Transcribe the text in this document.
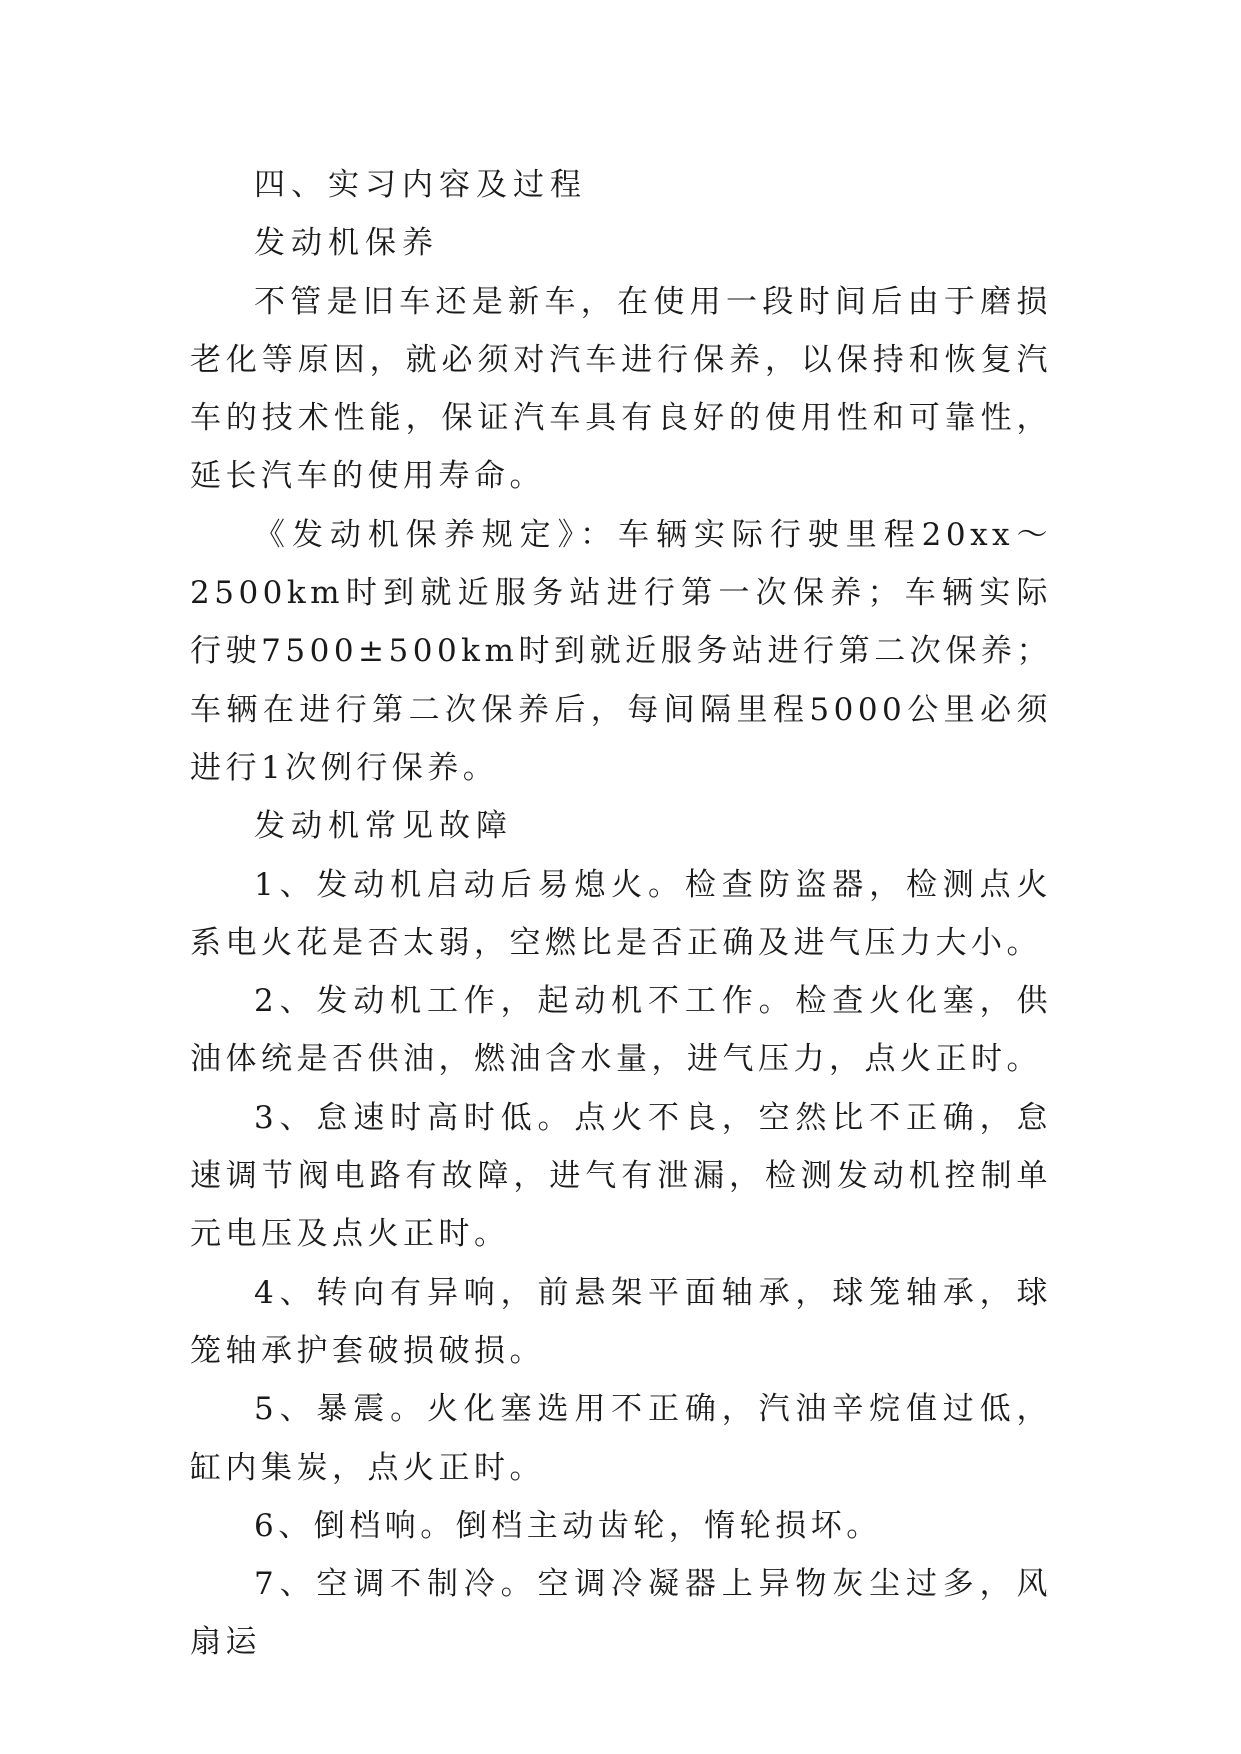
四、实习内容及过程

发动机保养

不管是旧车还是新车，在使用一段时间后由于磨损老化等原因，就必须对汽车进行保养，以保持和恢复汽车的技术性能，保证汽车具有良好的使用性和可靠性，延长汽车的使用寿命。

《发动机保养规定》：车辆实际行驶里程20xx～2500km时到就近服务站进行第一次保养；车辆实际行驶7500±500km时到就近服务站进行第二次保养；车辆在进行第二次保养后，每间隔里程5000公里必须进行1次例行保养。

发动机常见故障

1、发动机启动后易熄火。检查防盗器，检测点火系电火花是否太弱，空燃比是否正确及进气压力大小。

2、发动机工作，起动机不工作。检查火化塞，供油体统是否供油，燃油含水量，进气压力，点火正时。

3、怠速时高时低。点火不良，空然比不正确，怠速调节阀电路有故障，进气有泄漏，检测发动机控制单元电压及点火正时。

4、转向有异响，前悬架平面轴承，球笼轴承，球笼轴承护套破损破损。

5、暴震。火化塞选用不正确，汽油辛烷值过低，缸内集炭，点火正时。

6、倒档响。倒档主动齿轮，惰轮损坏。

7、空调不制冷。空调冷凝器上异物灰尘过多，风扇运
